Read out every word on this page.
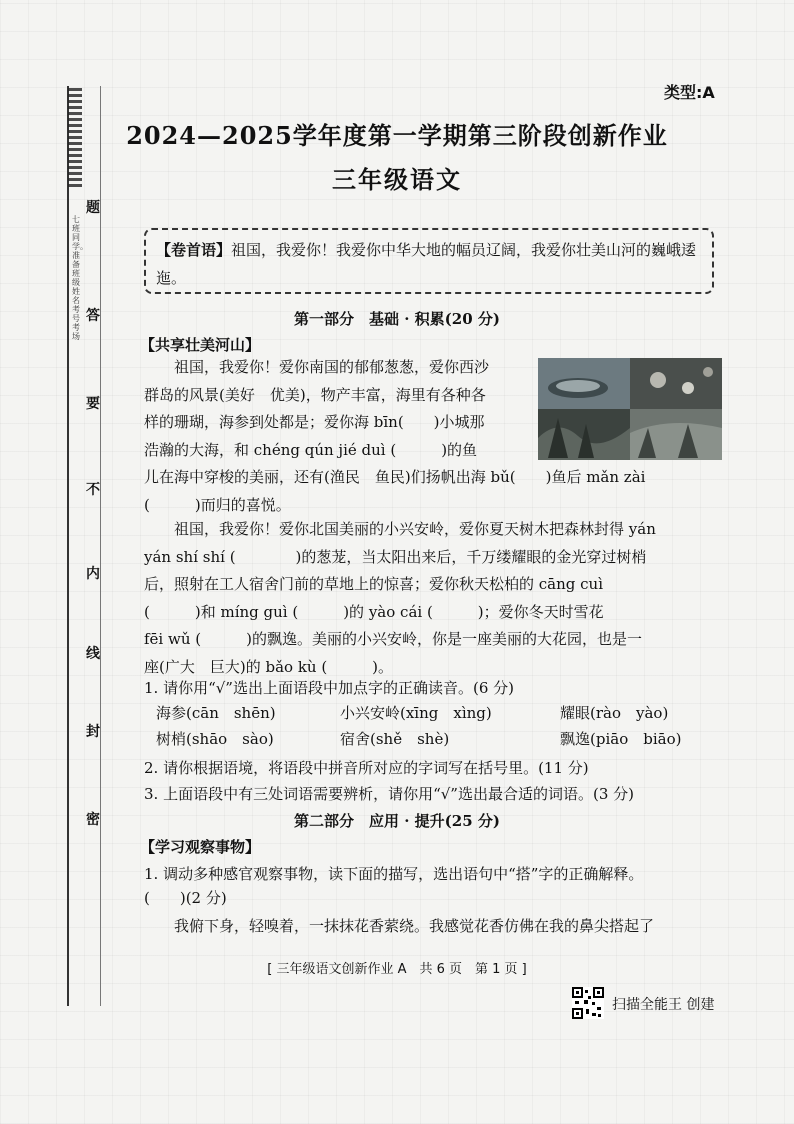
七班同学。准备 班级 姓名 考号 考场
题
答
要
不
内
线
封
密
类型:A
2024—2025学年度第一学期第三阶段创新作业
三年级语文
【卷首语】祖国，我爱你！我爱你中华大地的幅员辽阔，我爱你壮美山河的巍峨逶迤。
第一部分　基础 · 积累(20 分)
【共享壮美河山】
　　祖国，我爱你！爱你南国的郁郁葱葱，爱你西沙
群岛的风景(美好　优美)，物产丰富，海里有各种各
样的珊瑚，海参到处都是；爱你海 bīn(　　)小城那
浩瀚的大海，和 chéng qún jié duì (　　　)的鱼
儿在海中穿梭的美丽，还有(渔民　鱼民)们扬帆出海 bǔ(　　)鱼后 mǎn zài
(　　　)而归的喜悦。
　　祖国，我爱你！爱你北国美丽的小兴安岭，爱你夏天树木把森林封得 yán
yán shí shí (　　　　)的葱茏，当太阳出来后，千万缕耀眼的金光穿过树梢
后，照射在工人宿舍门前的草地上的惊喜；爱你秋天松柏的 cāng cuì
(　　　)和 míng guì (　　　)的 yào cái (　　　)；爱你冬天时雪花
fēi wǔ (　　　)的飘逸。美丽的小兴安岭，你是一座美丽的大花园，也是一
座(广大　巨大)的 bǎo kù (　　　)。
1. 请你用“√”选出上面语段中加点字的正确读音。(6 分)
海参(cān　shēn)	小兴安岭(xīng　xìng)	耀眼(rào　yào)
树梢(shāo　sào)	宿舍(shě　shè)	飘逸(piāo　biāo)
2. 请你根据语境，将语段中拼音所对应的字词写在括号里。(11 分)
3. 上面语段中有三处词语需要辨析，请你用“√”选出最合适的词语。(3 分)
第二部分　应用 · 提升(25 分)
【学习观察事物】
1. 调动多种感官观察事物，读下面的描写，选出语句中“搭”字的正确解释。
(　　)(2 分)
　　我俯下身，轻嗅着，一抹抹花香萦绕。我感觉花香仿佛在我的鼻尖搭起了
[ 三年级语文创新作业 A　共 6 页　第 1 页 ]
扫描全能王 创建
